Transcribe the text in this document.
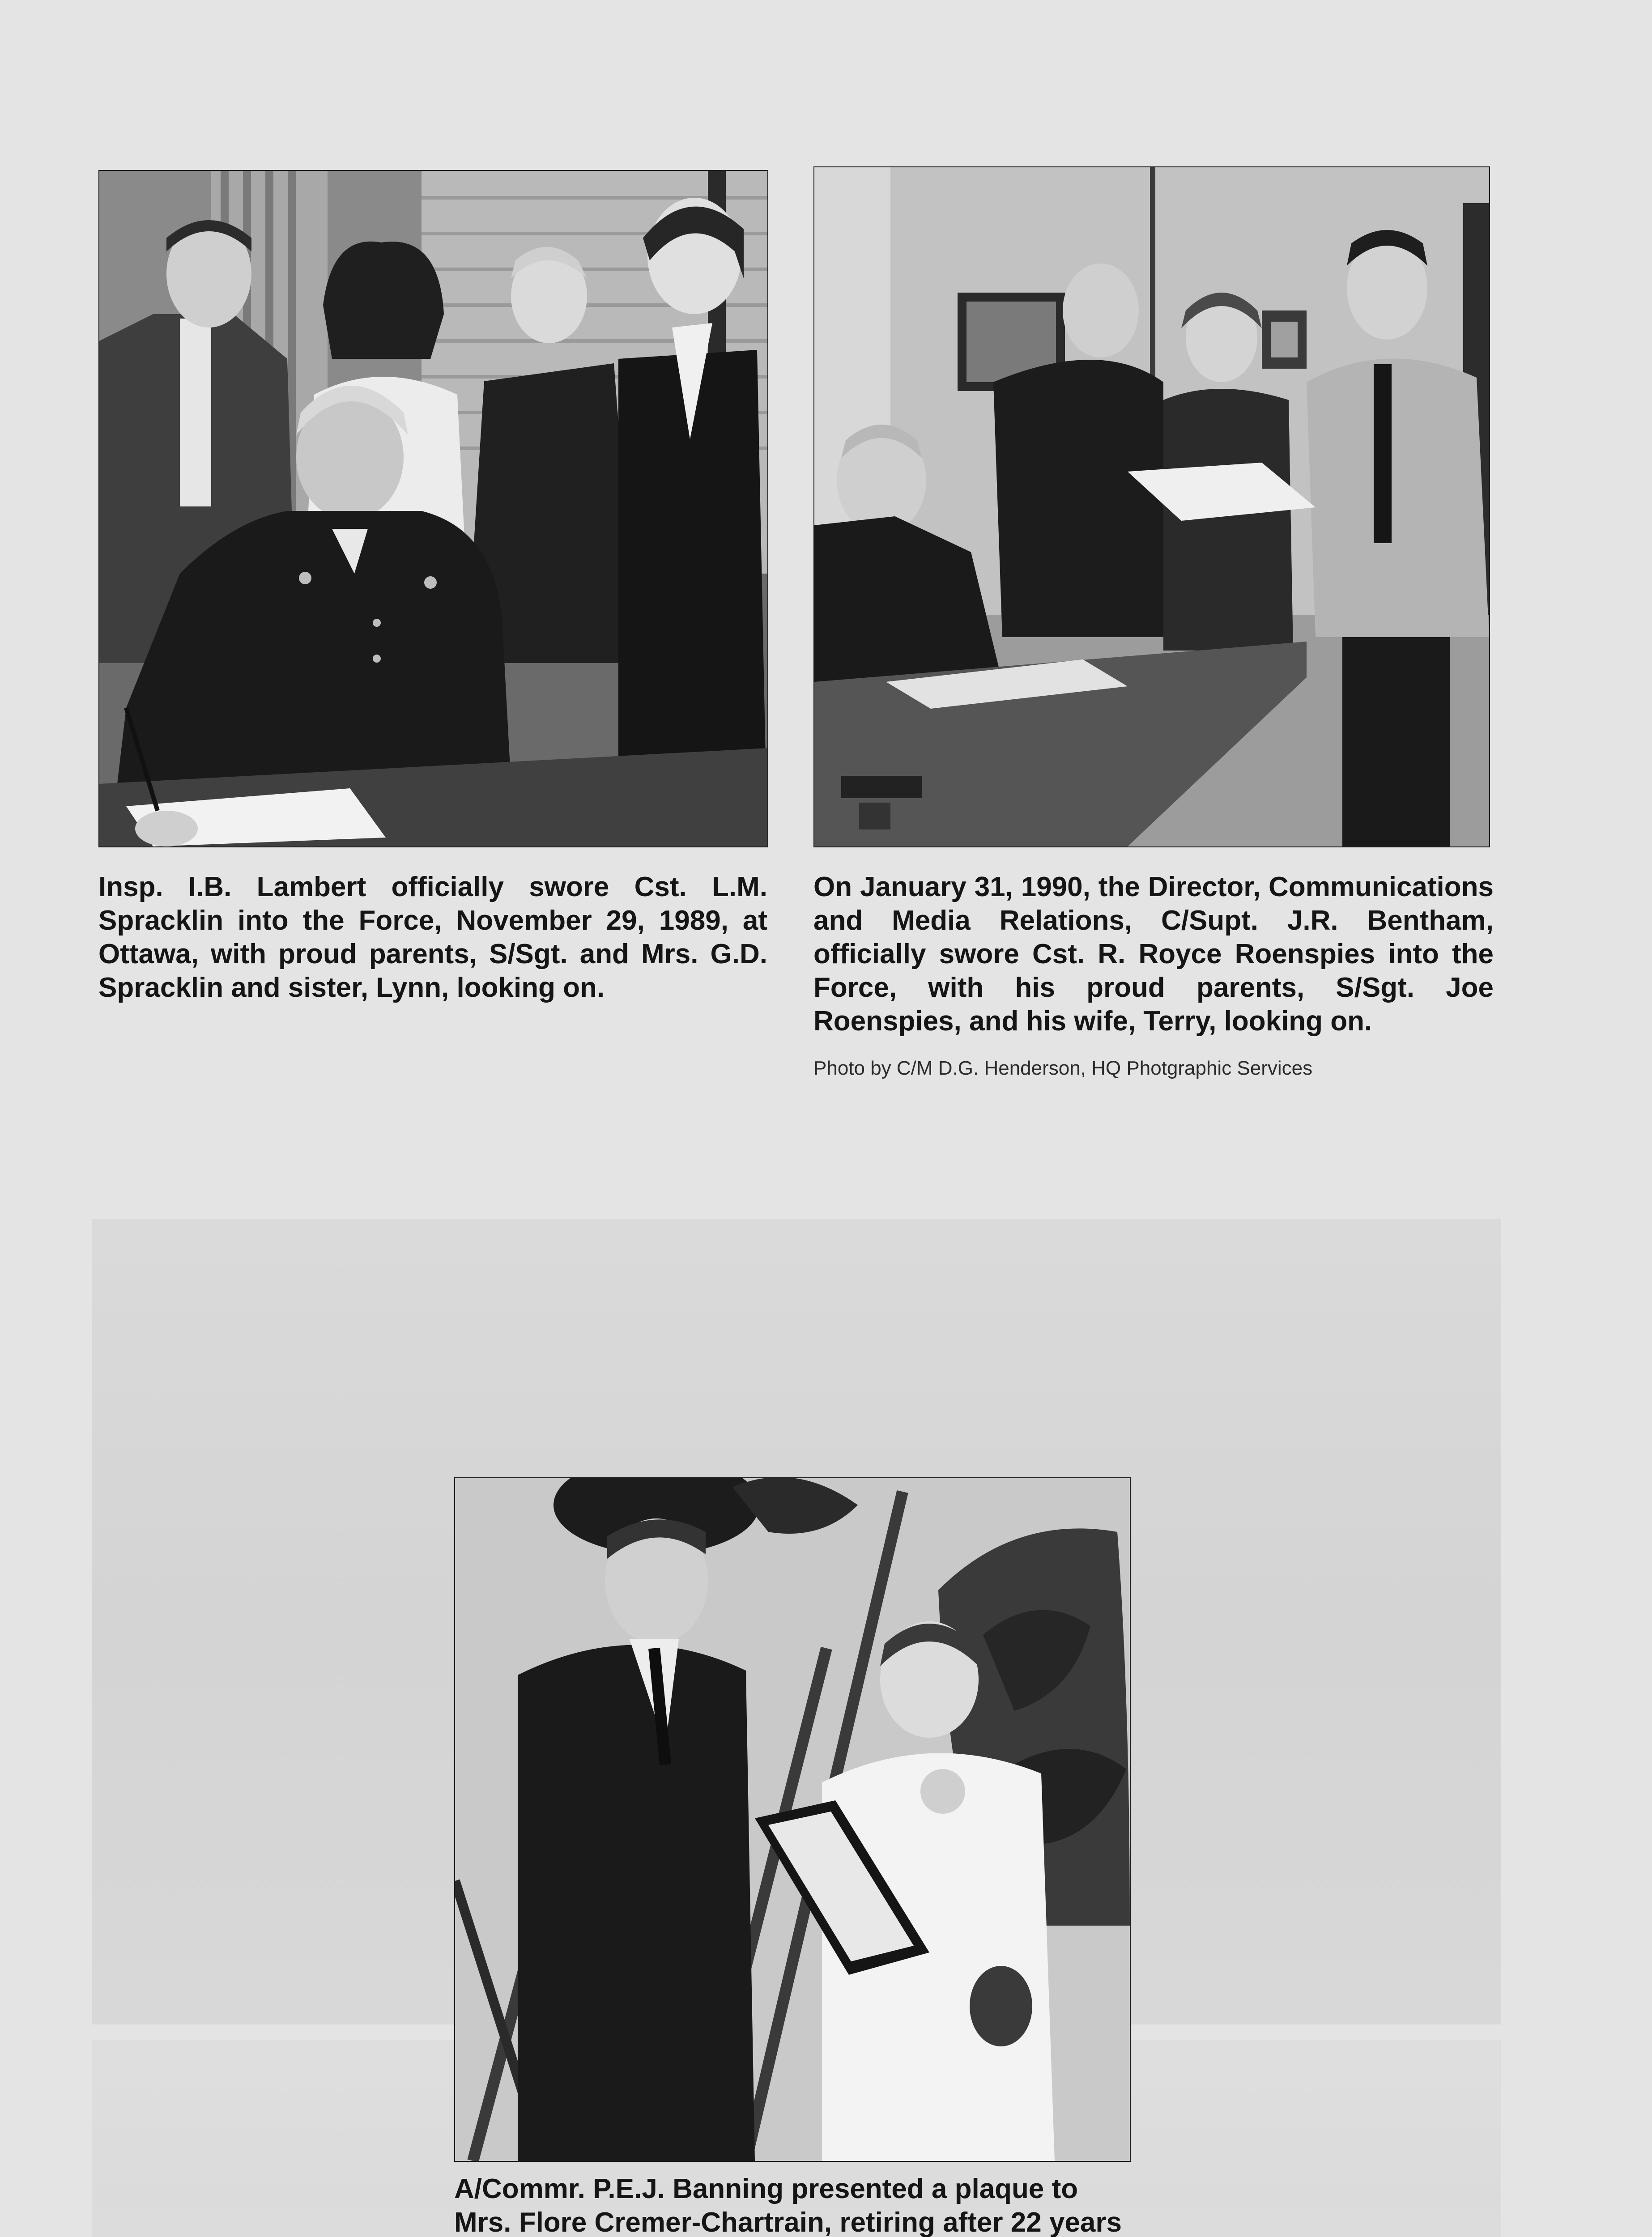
Insp. I.B. Lambert officially swore Cst. L.M. Spracklin into the Force, November 29, 1989, at Ottawa, with proud parents, S/Sgt. and Mrs. G.D. Spracklin and sister, Lynn, looking on.

On January 31, 1990, the Director, Communications and Media Relations, C/Supt. J.R. Bentham, officially swore Cst. R. Royce Roenspies into the Force, with his proud parents, S/Sgt. Joe Roenspies, and his wife, Terry, looking on.

Photo by C/M D.G. Henderson, HQ Photgraphic Services

A/Commr. P.E.J. Banning presented a plaque to Mrs. Flore Cremer-Chartrain, retiring after 22 years
